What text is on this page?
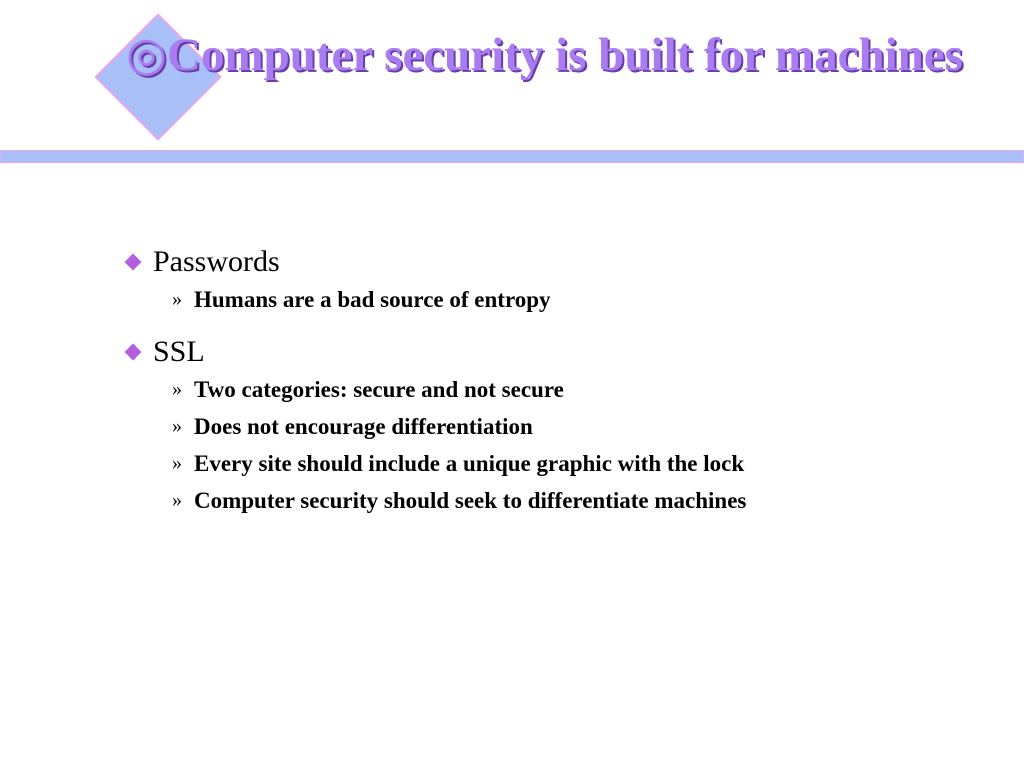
◎Computer security is built for machines
Passwords
» Humans are a bad source of entropy
SSL
» Two categories: secure and not secure
» Does not encourage differentiation
» Every site should include a unique graphic with the lock
» Computer security should seek to differentiate machines
